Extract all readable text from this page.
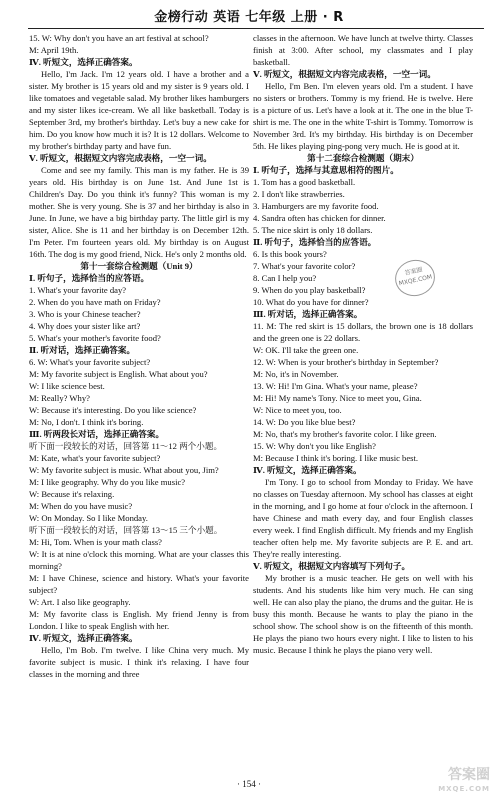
金榜行动 英语 七年级 上册 · R
15. W: Why don't you have an art festival at school?
M: April 19th.
Ⅳ. 听短文，选择正确答案。
Hello, I'm Jack. I'm 12 years old. I have a brother and a sister. My brother is 15 years old and my sister is 9 years old. I like tomatoes and vegetable salad. My brother likes hamburgers and my sister likes ice-cream. We all like basketball. Today is September 3rd, my brother's birthday. Let's buy a new cake for him. Do you know how much it is? It is 12 dollars. Welcome to my brother's birthday party and have fun.
Ⅴ. 听短文，根据短文内容完成表格，一空一词。
Come and see my family. This man is my father. He is 39 years old. His birthday is on June 1st. And June 1st is Children's Day. Do you think it's funny? This woman is my mother. She is very young. She is 37 and her birthday is also in June. In June, we have a big birthday party. The little girl is my sister, Alice. She is 11 and her birthday is on December 12th. I'm Peter. I'm fourteen years old. My birthday is on August 16th. The dog is my good friend, Nick. He's only 2 months old.
第十一套综合检测题（Unit 9）
Ⅰ. 听句子，选择恰当的应答语。
1. What's your favorite day?
2. When do you have math on Friday?
3. Who is your Chinese teacher?
4. Why does your sister like art?
5. What's your mother's favorite food?
Ⅱ. 听对话，选择正确答案。
6. W: What's your favorite subject?
M: My favorite subject is English. What about you?
W: I like science best.
M: Really? Why?
W: Because it's interesting. Do you like science?
M: No, I don't. I think it's boring.
Ⅲ. 听两段长对话，选择正确答案。
听下面一段较长的对话，回答第 11～12 两个小题。
M: Kate, what's your favorite subject?
W: My favorite subject is music. What about you, Jim?
M: I like geography. Why do you like music?
W: Because it's relaxing.
M: When do you have music?
W: On Monday. So I like Monday.
听下面一段较长的对话，回答第 13～15 三个小题。
M: Hi, Tom. When is your math class?
W: It is at nine o'clock this morning. What are your classes this morning?
M: I have Chinese, science and history. What's your favorite subject?
W: Art. I also like geography.
M: My favorite class is English. My friend Jenny is from London. I like to speak English with her.
Ⅳ. 听短文，选择正确答案。
Hello, I'm Bob. I'm twelve. I like China very much. My favorite subject is music. I think it's relaxing. I have four classes in the morning and three
classes in the afternoon. We have lunch at twelve thirty. Classes finish at 3:00. After school, my classmates and I play basketball.
Ⅴ. 听短文，根据短文内容完成表格，一空一词。
Hello, I'm Ben. I'm eleven years old. I'm a student. I have no sisters or brothers. Tommy is my friend. He is twelve. Here is a picture of us. Let's have a look at it. The one in the blue T-shirt is me. The one in the white T-shirt is Tommy. Tomorrow is November 3rd. It's my birthday. His birthday is on December 5th. He likes playing ping-pong very much. He is good at it.
第十二套综合检测题（期末）
Ⅰ. 听句子，选择与其意思相符的图片。
1. Tom has a good basketball.
2. I don't like strawberries.
3. Hamburgers are my favorite food.
4. Sandra often has chicken for dinner.
5. The nice skirt is only 18 dollars.
Ⅱ. 听句子，选择恰当的应答语。
6. Is this book yours?
7. What's your favorite color?
8. Can I help you?
9. When do you play basketball?
10. What do you have for dinner?
Ⅲ. 听对话，选择正确答案。
11. M: The red skirt is 15 dollars, the brown one is 18 dollars and the green one is 22 dollars.
W: OK. I'll take the green one.
12. W: When is your brother's birthday in September?
M: No, it's in November.
13. W: Hi! I'm Gina. What's your name, please?
M: Hi! My name's Tony. Nice to meet you, Gina.
W: Nice to meet you, too.
14. W: Do you like blue best?
M: No, that's my brother's favorite color. I like green.
15. W: Why don't you like English?
M: Because I think it's boring. I like music best.
Ⅳ. 听短文，选择正确答案。
I'm Tony. I go to school from Monday to Friday. We have no classes on Tuesday afternoon. My school has classes at eight in the morning, and I go home at four o'clock in the afternoon. I have Chinese and math every day, and four English classes every week. I find English difficult. My friends and my English teacher often help me. My favorite subjects are P. E. and art. They're really interesting.
Ⅴ. 听短文，根据短文内容填写下列句子。
My brother is a music teacher. He gets on well with his students. And his students like him very much. He can sing well. He can also play the piano, the drums and the guitar. He is busy this month. Because he wants to play the piano in the school show. The school show is on the fifteenth of this month. He plays the piano two hours every night. I like to listen to his music. Because I think he plays the piano very well.
答案圈 MXQE.COM
· 154 ·
答案圈
MXQE.COM
